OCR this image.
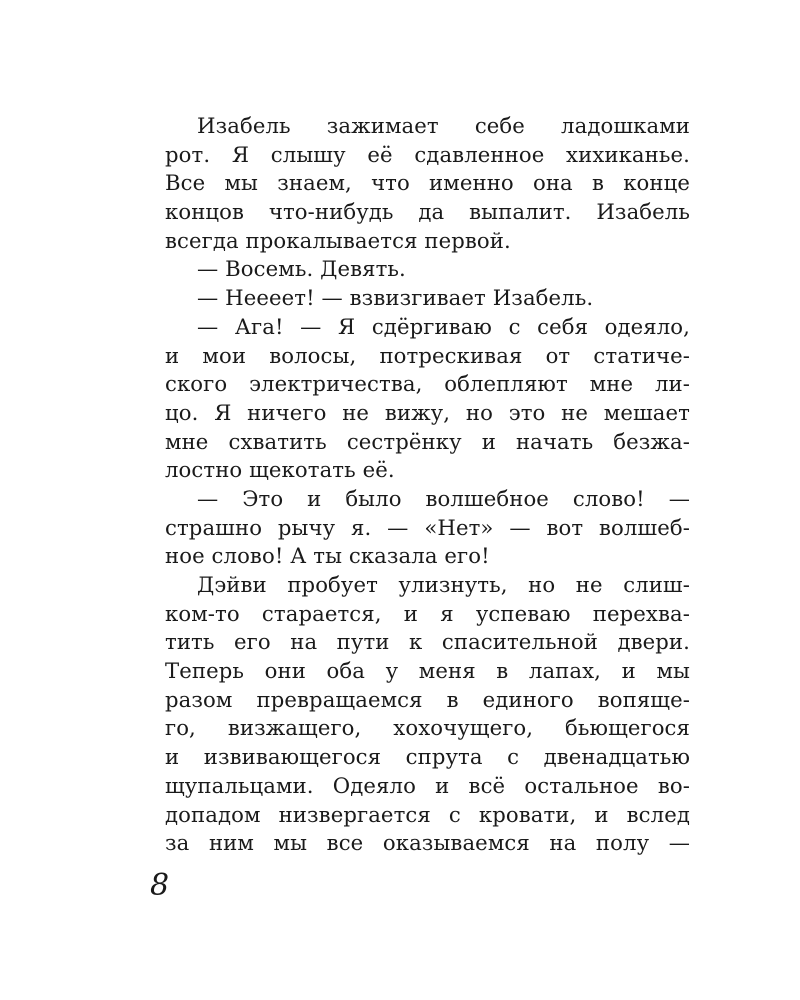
Изабель зажимает себе ладошками
рот. Я слышу её сдавленное хихиканье.
Все мы знаем, что именно она в конце
концов что-нибудь да выпалит. Изабель
всегда прокалывается первой.
— Восемь. Девять.
— Неееет! — взвизгивает Изабель.
— Ага! — Я сдёргиваю с себя одеяло,
и мои волосы, потрескивая от статиче-
ского электричества, облепляют мне ли-
цо. Я ничего не вижу, но это не мешает
мне схватить сестрёнку и начать безжа-
лостно щекотать её.
— Это и было волшебное слово! —
страшно рычу я. — «Нет» — вот волшеб-
ное слово! А ты сказала его!
Дэйви пробует улизнуть, но не слиш-
ком-то старается, и я успеваю перехва-
тить его на пути к спасительной двери.
Теперь они оба у меня в лапах, и мы
разом превращаемся в единого вопяще-
го, визжащего, хохочущего, бьющегося
и извивающегося спрута с двенадцатью
щупальцами. Одеяло и всё остальное во-
допадом низвергается с кровати, и вслед
за ним мы все оказываемся на полу —
8
